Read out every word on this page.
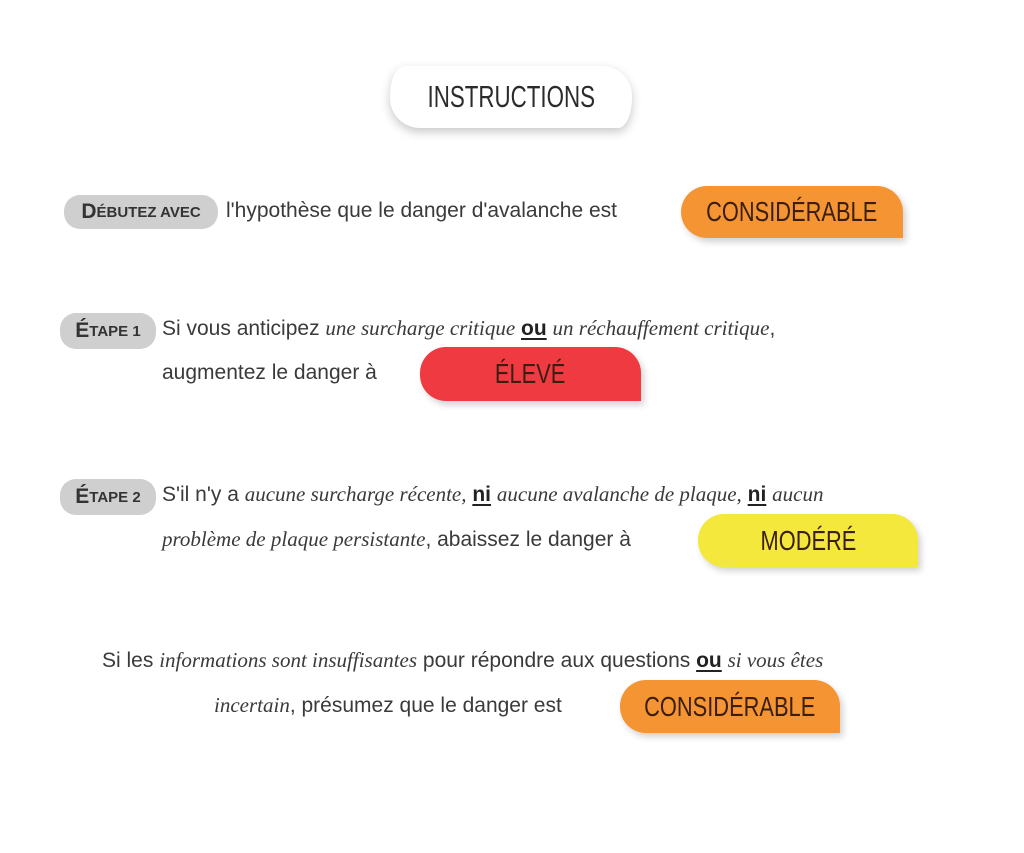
INSTRUCTIONS
D ÉBUTEZ AVEC l'hypothèse que le danger d'avalanche est	CONSIDÉRABLE
É TAPE 1 Si vous anticipez une surcharge critique ou un réchauffement critique,
augmentez le danger à	ÉLEVÉ
É TAPE 2 S'il n'y a aucune surcharge récente, ni aucune avalanche de plaque, ni aucun
problème de plaque persistante, abaissez le danger à	MODÉRÉ
Si les informations sont insuffisantes pour répondre aux questions ou si vous êtes
incertain, présumez que le danger est	CONSIDÉRABLE
